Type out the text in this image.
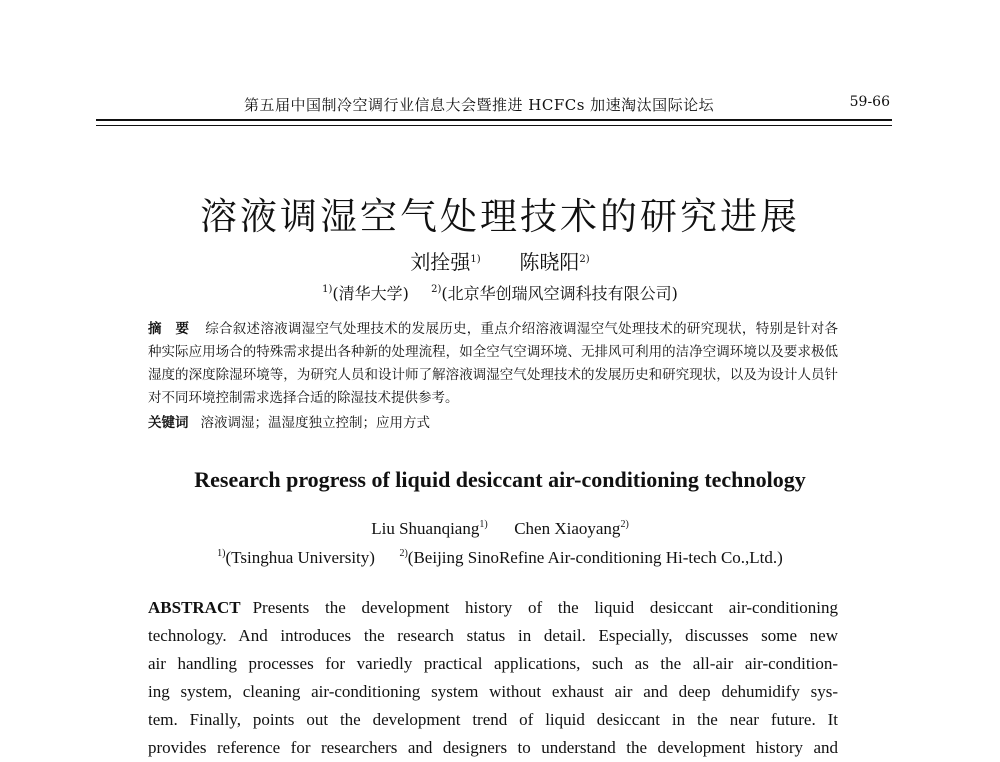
第五届中国制冷空调行业信息大会暨推进 HCFCs 加速淘汰国际论坛	59-66
溶液调湿空气处理技术的研究进展
刘拴强$^{1)}$ 陈晓阳$^{2)}$
$^{1)}$(清华大学) $^{2)}$(北京华创瑞风空调科技有限公司)
摘　要 综合叙述溶液调湿空气处理技术的发展历史，重点介绍溶液调湿空气处理技术的研究现状，特别是针对各种实际应用场合的特殊需求提出各种新的处理流程，如全空气空调环境、无排风可利用的洁净空调环境以及要求极低湿度的深度除湿环境等，为研究人员和设计师了解溶液调湿空气处理技术的发展历史和研究现状，以及为设计人员针对不同环境控制需求选择合适的除湿技术提供参考。
关键词 溶液调湿；温湿度独立控制；应用方式
Research progress of liquid desiccant air-conditioning technology
Liu Shuanqiang$^{1)}$ Chen Xiaoyang$^{2)}$
$^{1)}$(Tsinghua University) $^{2)}$(Beijing SinoRefine Air-conditioning Hi-tech Co.,Ltd.)
ABSTRACT Presents the development history of the liquid desiccant air-conditioning
technology. And introduces the research status in detail. Especially, discusses some new
air handling processes for variedly practical applications, such as the all-air air-condition-
ing system, cleaning air-conditioning system without exhaust air and deep dehumidify sys-
tem. Finally, points out the development trend of liquid desiccant in the near future. It
provides reference for researchers and designers to understand the development history and
